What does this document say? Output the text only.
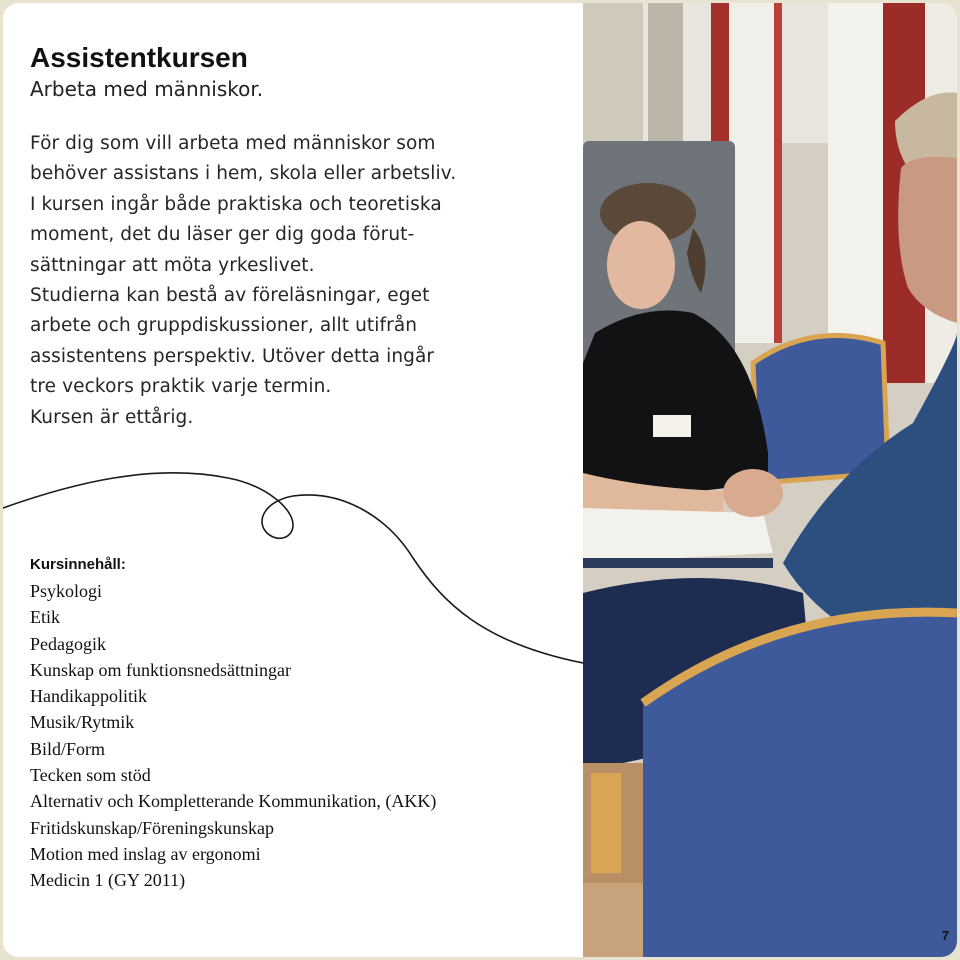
Assistentkursen
Arbeta med människor.
För dig som vill arbeta med människor som
behöver assistans i hem, skola eller arbetsliv.
I kursen ingår både praktiska och teoretiska
moment, det du läser ger dig goda förut-
sättningar att möta yrkeslivet.
Studierna kan bestå av föreläsningar, eget
arbete och gruppdiskussioner, allt utifrån
assistentens perspektiv. Utöver detta ingår
tre veckors praktik varje termin.
Kursen är ettårig.
Kursinnehåll:
Psykologi
Etik
Pedagogik
Kunskap om funktionsnedsättningar
Handikappolitik
Musik/Rytmik
Bild/Form
Tecken som stöd
Alternativ och Kompletterande Kommunikation, (AKK)
Fritidskunskap/Föreningskunskap
Motion med inslag av ergonomi
Medicin 1 (GY 2011)
7
